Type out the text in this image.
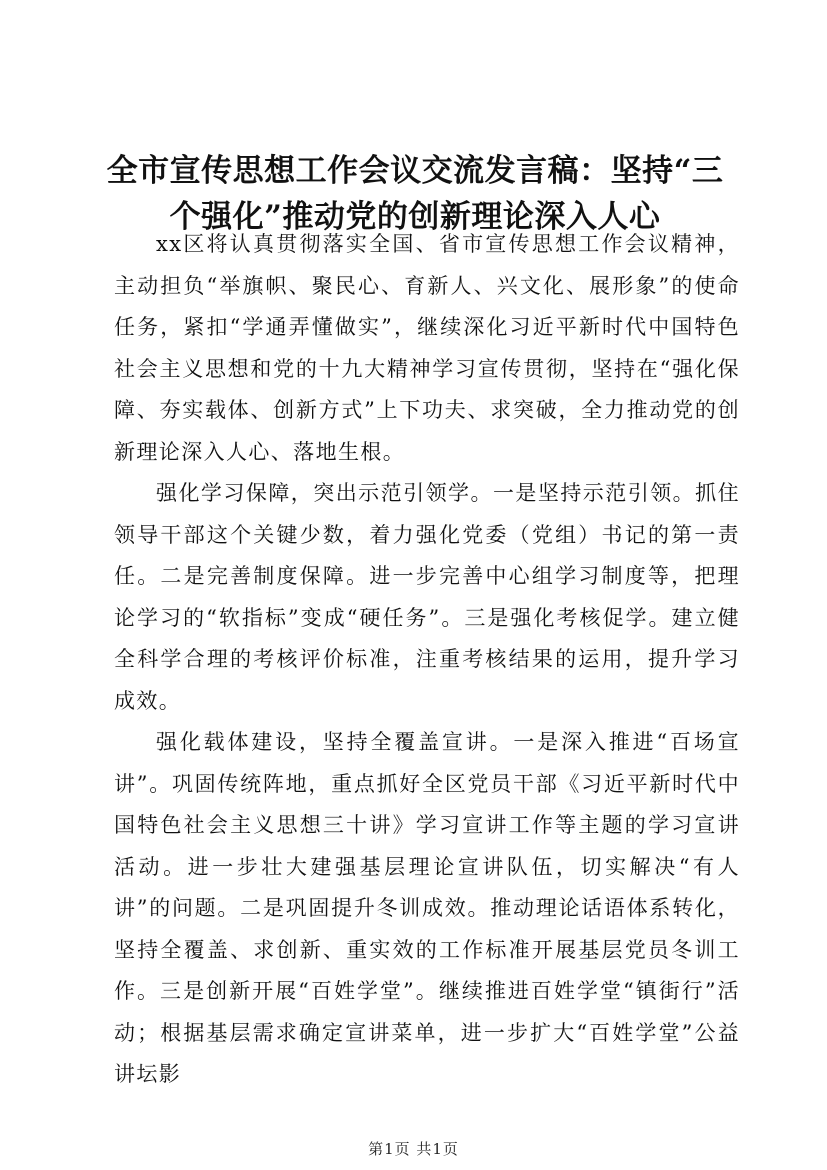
全市宣传思想工作会议交流发言稿：坚持“三个强化”推动党的创新理论深入人心

xx区将认真贯彻落实全国、省市宣传思想工作会议精神，主动担负“举旗帜、聚民心、育新人、兴文化、展形象”的使命任务，紧扣“学通弄懂做实”，继续深化习近平新时代中国特色社会主义思想和党的十九大精神学习宣传贯彻，坚持在“强化保障、夯实载体、创新方式”上下功夫、求突破，全力推动党的创新理论深入人心、落地生根。

强化学习保障，突出示范引领学。一是坚持示范引领。抓住领导干部这个关键少数，着力强化党委（党组）书记的第一责任。二是完善制度保障。进一步完善中心组学习制度等，把理论学习的“软指标”变成“硬任务”。三是强化考核促学。建立健全科学合理的考核评价标准，注重考核结果的运用，提升学习成效。

强化载体建设，坚持全覆盖宣讲。一是深入推进“百场宣讲”。巩固传统阵地，重点抓好全区党员干部《习近平新时代中国特色社会主义思想三十讲》学习宣讲工作等主题的学习宣讲活动。进一步壮大建强基层理论宣讲队伍，切实解决“有人讲”的问题。二是巩固提升冬训成效。推动理论话语体系转化，坚持全覆盖、求创新、重实效的工作标准开展基层党员冬训工作。三是创新开展“百姓学堂”。继续推进百姓学堂“镇街行”活动；根据基层需求确定宣讲菜单，进一步扩大“百姓学堂”公益讲坛影

第1页 共1页
